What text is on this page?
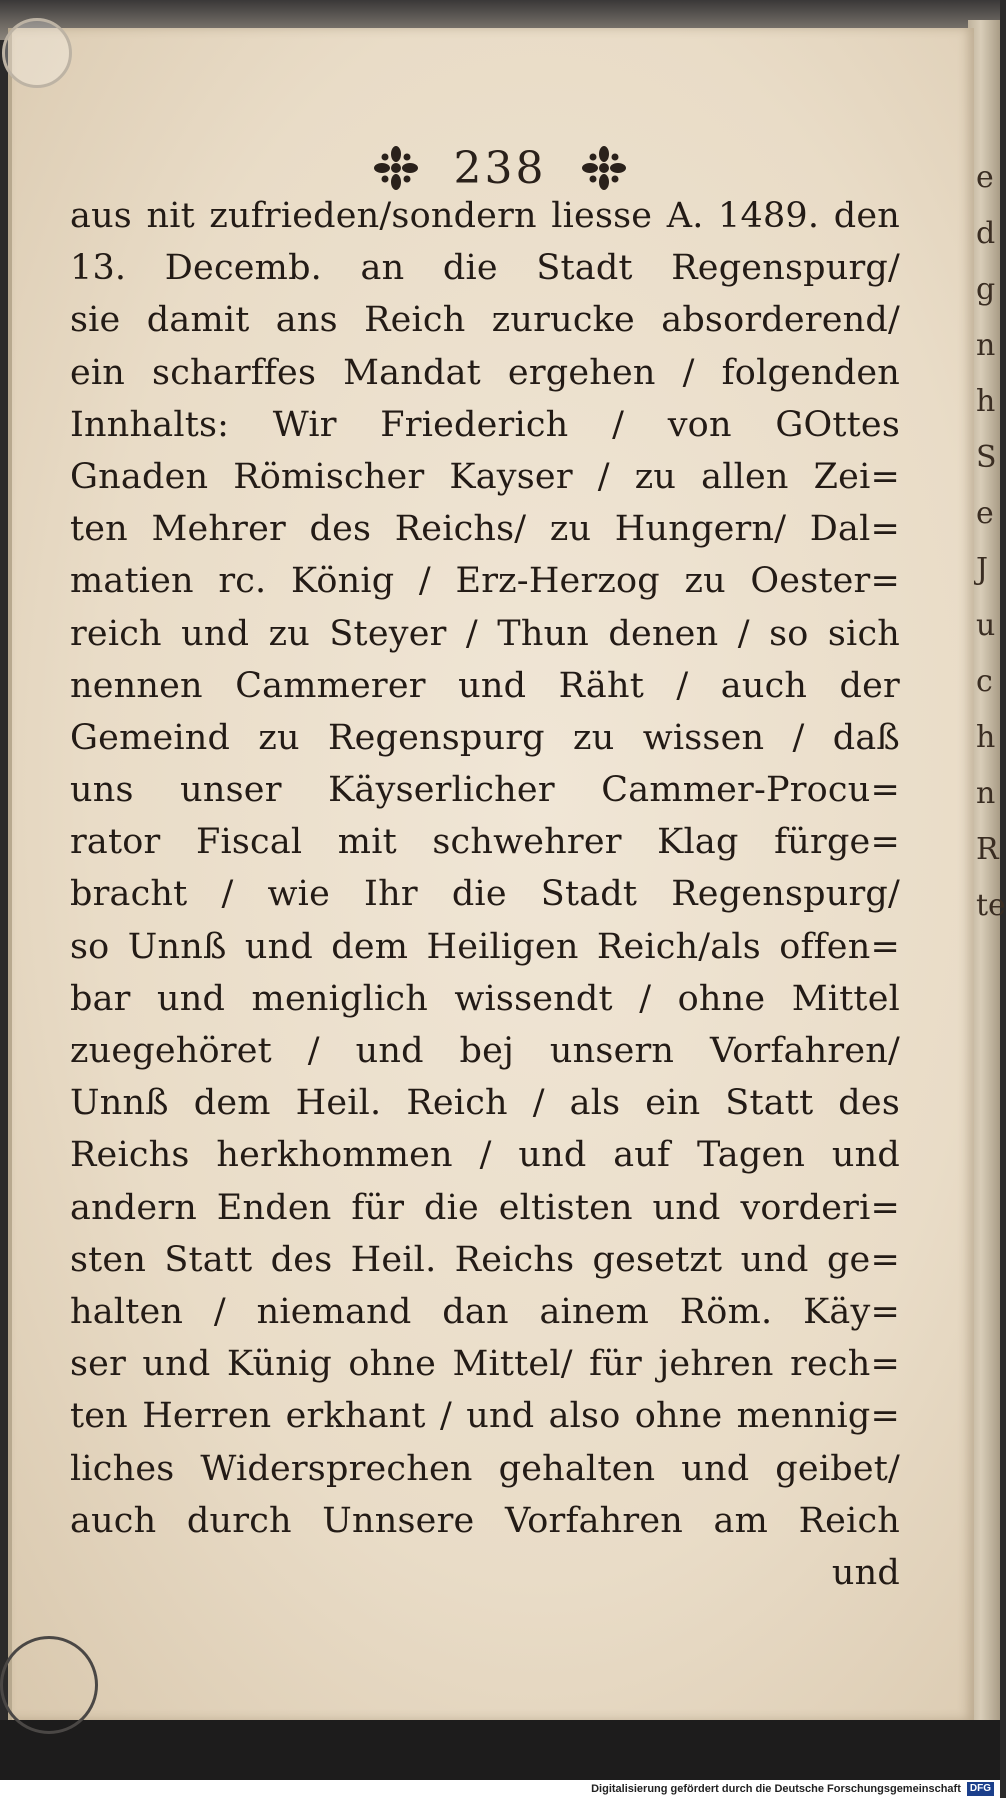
e
d
g
n
h
S
e
J
u
c
h
n
R
te
238
aus nit zufrieden/sondern liesse A. 1489. den
13. Decemb. an die Stadt Regenspurg/
sie damit ans Reich zurucke absorderend/
ein scharffes Mandat ergehen / folgenden
Innhalts: Wir Friederich / von GOttes
Gnaden Römischer Kayser / zu allen Zei=
ten Mehrer des Reichs/ zu Hungern/ Dal=
matien rc. König / Erz-Herzog zu Oester=
reich und zu Steyer / Thun denen / so sich
nennen Cammerer und Räht / auch der
Gemeind zu Regenspurg zu wissen / daß
uns unser Käyserlicher Cammer-Procu=
rator Fiscal mit schwehrer Klag fürge=
bracht / wie Ihr die Stadt Regenspurg/
so Unnß und dem Heiligen Reich/als offen=
bar und meniglich wissendt / ohne Mittel
zuegehöret / und bej unsern Vorfahren/
Unnß dem Heil. Reich / als ein Statt des
Reichs herkhommen / und auf Tagen und
andern Enden für die eltisten und vorderi=
sten Statt des Heil. Reichs gesetzt und ge=
halten / niemand dan ainem Röm. Käy=
ser und Künig ohne Mittel/ für jehren rech=
ten Herren erkhant / und also ohne mennig=
liches Widersprechen gehalten und geibet/
auch durch Unnsere Vorfahren am Reich
und
Digitalisierung gefördert durch die Deutsche Forschungsgemeinschaft DFG
